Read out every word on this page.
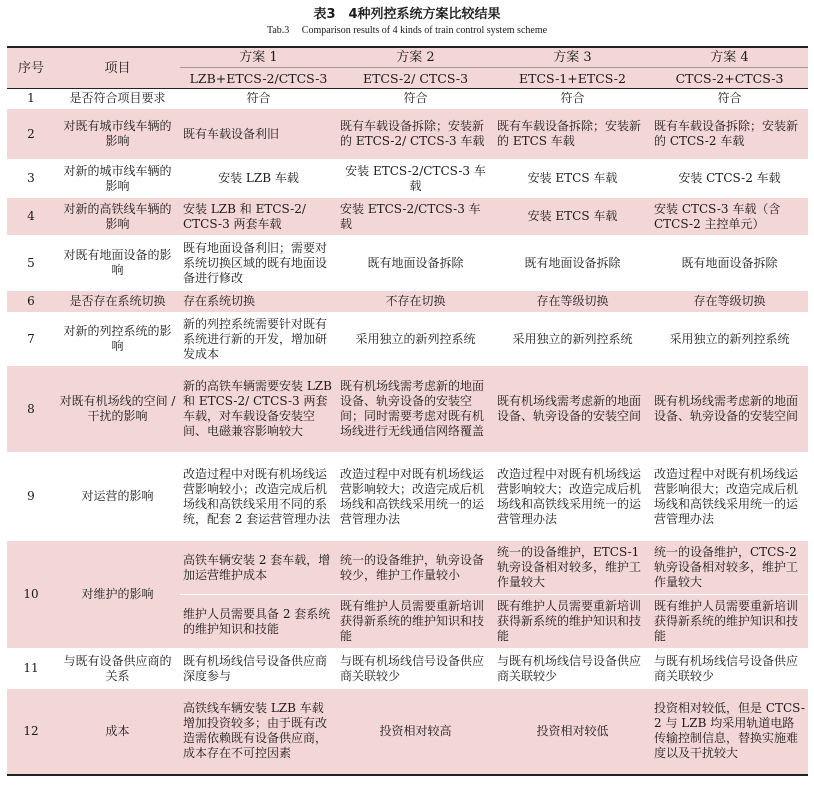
表3　4种列控系统方案比较结果
Tab.3　 Comparison results of 4 kinds of train control system scheme
序号	项目	方案 1	方案 2	方案 3	方案 4
		LZB+ETCS-2/CTCS-3	ETCS-2/ CTCS-3	ETCS-1+ETCS-2	CTCS-2+CTCS-3
1	是否符合项目要求	符合	符合	符合	符合
2	对既有城市线车辆的影响	既有车载设备利旧	既有车载设备拆除；安装新的 ETCS-2/ CTCS-3 车载	既有车载设备拆除；安装新的 ETCS 车载	既有车载设备拆除；安装新的 CTCS-2 车载
3	对新的城市线车辆的影响	安装 LZB 车载	安装 ETCS-2/CTCS-3 车载	安装 ETCS 车载	安装 CTCS-2 车载
4	对新的高铁线车辆的影响	安装 LZB 和 ETCS-2/ CTCS-3 两套车载	安装 ETCS-2/CTCS-3 车载	安装 ETCS 车载	安装 CTCS-3 车载（含 CTCS-2 主控单元）
5	对既有地面设备的影响	既有地面设备利旧；需要对系统切换区域的既有地面设备进行修改	既有地面设备拆除	既有地面设备拆除	既有地面设备拆除
6	是否存在系统切换	存在系统切换	不存在切换	存在等级切换	存在等级切换
7	对新的列控系统的影响	新的列控系统需要针对既有系统进行新的开发，增加研发成本	采用独立的新列控系统	采用独立的新列控系统	采用独立的新列控系统
8	对既有机场线的空间 / 干扰的影响	新的高铁车辆需要安装 LZB 和 ETCS-2/ CTCS-3 两套车载，对车载设备安装空间、电磁兼容影响较大	既有机场线需考虑新的地面设备、轨旁设备的安装空间；同时需要考虑对既有机场线进行无线通信网络覆盖	既有机场线需考虑新的地面设备、轨旁设备的安装空间	既有机场线需考虑新的地面设备、轨旁设备的安装空间
9	对运营的影响	改造过程中对既有机场线运营影响较小；改造完成后机场线和高铁线采用不同的系统，配套 2 套运营管理办法	改造过程中对既有机场线运营影响较大；改造完成后机场线和高铁线采用统一的运营管理办法	改造过程中对既有机场线运营影响较大；改造完成后机场线和高铁线采用统一的运营管理办法	改造过程中对既有机场线运营影响很大；改造完成后机场线和高铁线采用统一的运营管理办法
10	对维护的影响	高铁车辆安装 2 套车载，增加运营维护成本	统一的设备维护，轨旁设备较少，维护工作量较小	统一的设备维护，ETCS-1 轨旁设备相对较多，维护工作量较大	统一的设备维护，CTCS-2 轨旁设备相对较多，维护工作量较大
		维护人员需要具备 2 套系统的维护知识和技能	既有维护人员需要重新培训获得新系统的维护知识和技能	既有维护人员需要重新培训获得新系统的维护知识和技能	既有维护人员需要重新培训获得新系统的维护知识和技能
11	与既有设备供应商的关系	既有机场线信号设备供应商深度参与	与既有机场线信号设备供应商关联较少	与既有机场线信号设备供应商关联较少	与既有机场线信号设备供应商关联较少
12	成本	高铁线车辆安装 LZB 车载增加投资较多；由于既有改造需依赖既有设备供应商，成本存在不可控因素	投资相对较高	投资相对较低	投资相对较低，但是 CTCS-2 与 LZB 均采用轨道电路传输控制信息，替换实施难度以及干扰较大
